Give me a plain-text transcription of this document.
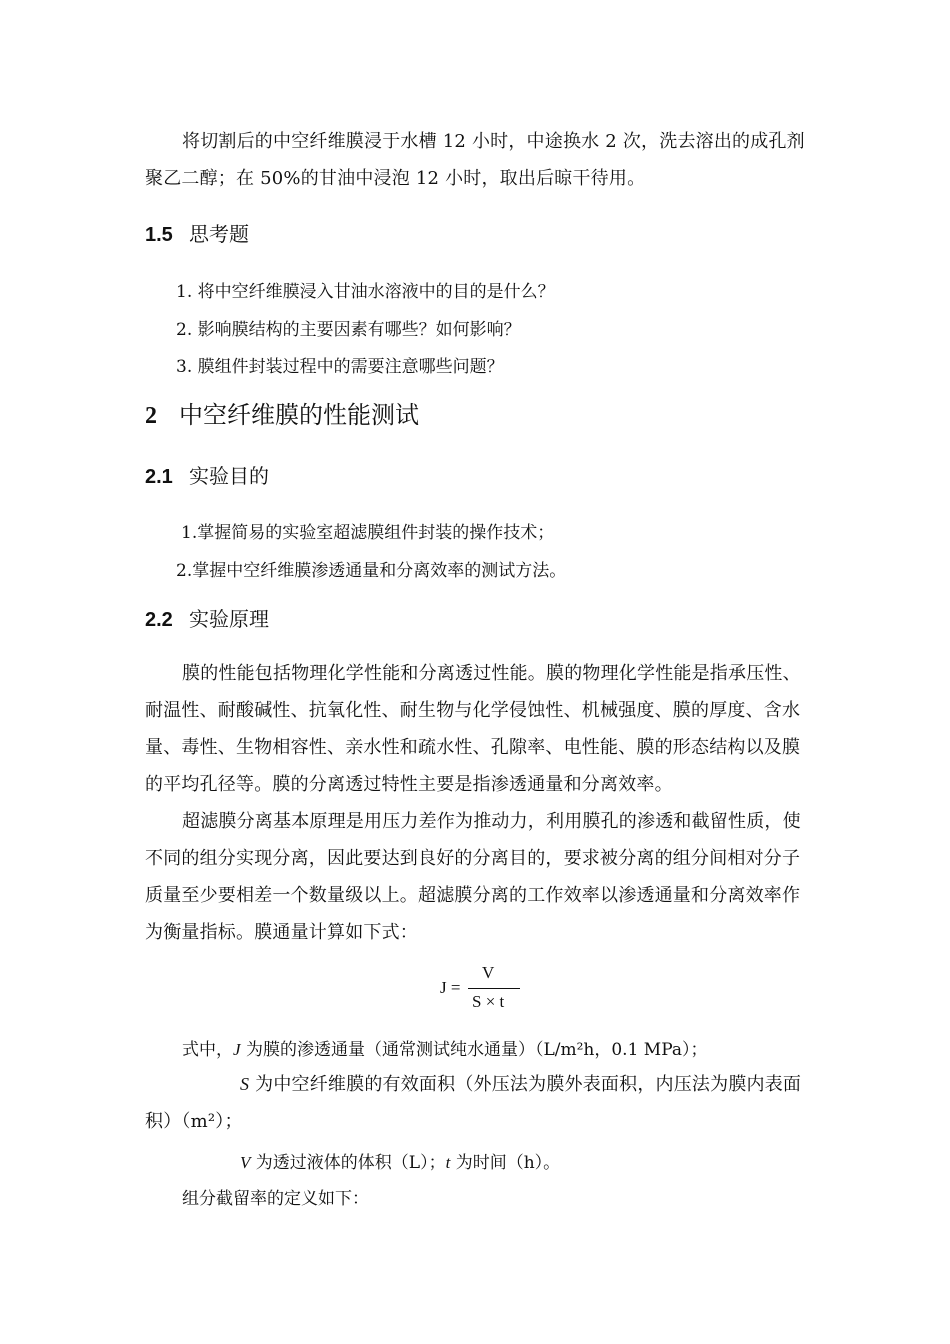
将切割后的中空纤维膜浸于水槽 12 小时，中途换水 2 次，洗去溶出的成孔剂聚乙二醇；在 50%的甘油中浸泡 12 小时，取出后晾干待用。

1.5 思考题

1. 将中空纤维膜浸入甘油水溶液中的目的是什么？

2. 影响膜结构的主要因素有哪些？如何影响？

3. 膜组件封装过程中的需要注意哪些问题？

2 中空纤维膜的性能测试
2.1 实验目的

1.掌握简易的实验室超滤膜组件封装的操作技术；

2.掌握中空纤维膜渗透通量和分离效率的测试方法。

2.2 实验原理

膜的性能包括物理化学性能和分离透过性能。膜的物理化学性能是指承压性、耐温性、耐酸碱性、抗氧化性、耐生物与化学侵蚀性、机械强度、膜的厚度、含水量、毒性、生物相容性、亲水性和疏水性、孔隙率、电性能、膜的形态结构以及膜的平均孔径等。膜的分离透过特性主要是指渗透通量和分离效率。

超滤膜分离基本原理是用压力差作为推动力，利用膜孔的渗透和截留性质，使不同的组分实现分离，因此要达到良好的分离目的，要求被分离的组分间相对分子质量至少要相差一个数量级以上。超滤膜分离的工作效率以渗透通量和分离效率作为衡量指标。膜通量计算如下式：

J =
V
S × t

式中，J 为膜的渗透通量（通常测试纯水通量）（L/m²h，0.1 MPa）；

S 为中空纤维膜的有效面积（外压法为膜外表面积，内压法为膜内表面积）（m²）；

V 为透过液体的体积（L）；t 为时间（h）。

组分截留率的定义如下：
